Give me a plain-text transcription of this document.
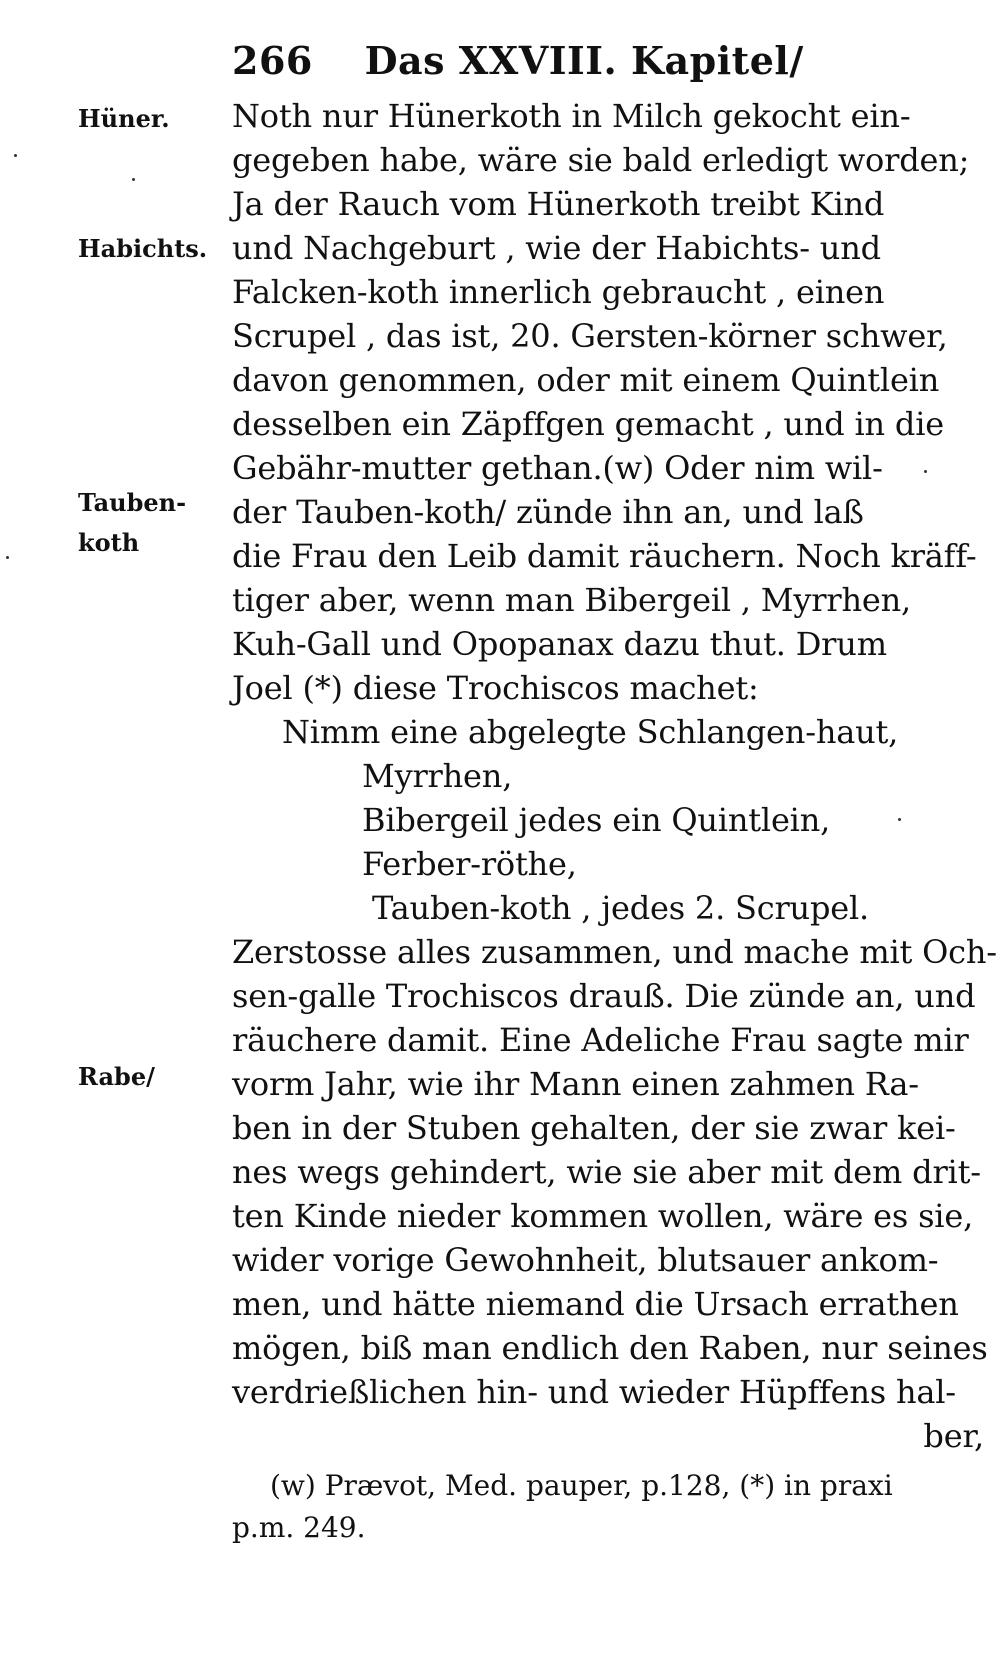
266 Das XXVIII. Kapitel/
Hüner.
Habichts.
Tauben-
koth
Rabe/
Noth nur Hünerkoth in Milch gekocht ein-
gegeben habe, wäre sie bald erledigt worden;
Ja der Rauch vom Hünerkoth treibt Kind
und Nachgeburt , wie der Habichts- und
Falcken-koth innerlich gebraucht , einen
Scrupel , das ist, 20. Gersten-körner schwer,
davon genommen, oder mit einem Quintlein
desselben ein Zäpffgen gemacht , und in die
Gebähr-mutter gethan.(w) Oder nim wil-
der Tauben-koth/ zünde ihn an, und laß
die Frau den Leib damit räuchern. Noch kräff-
tiger aber, wenn man Bibergeil , Myrrhen,
Kuh-Gall und Opopanax dazu thut. Drum
Joel (*) diese Trochiscos machet:
Nimm eine abgelegte Schlangen-haut,
Myrrhen,
Bibergeil jedes ein Quintlein,
Ferber-röthe,
Tauben-koth , jedes 2. Scrupel.
Zerstosse alles zusammen, und mache mit Och-
sen-galle Trochiscos drauß. Die zünde an, und
räuchere damit. Eine Adeliche Frau sagte mir
vorm Jahr, wie ihr Mann einen zahmen Ra-
ben in der Stuben gehalten, der sie zwar kei-
nes wegs gehindert, wie sie aber mit dem drit-
ten Kinde nieder kommen wollen, wäre es sie,
wider vorige Gewohnheit, blutsauer ankom-
men, und hätte niemand die Ursach errathen
mögen, biß man endlich den Raben, nur seines
verdrießlichen hin- und wieder Hüpffens hal-
ber,
(w) Prævot, Med. pauper, p.128, (*) in praxi
p.m. 249.
